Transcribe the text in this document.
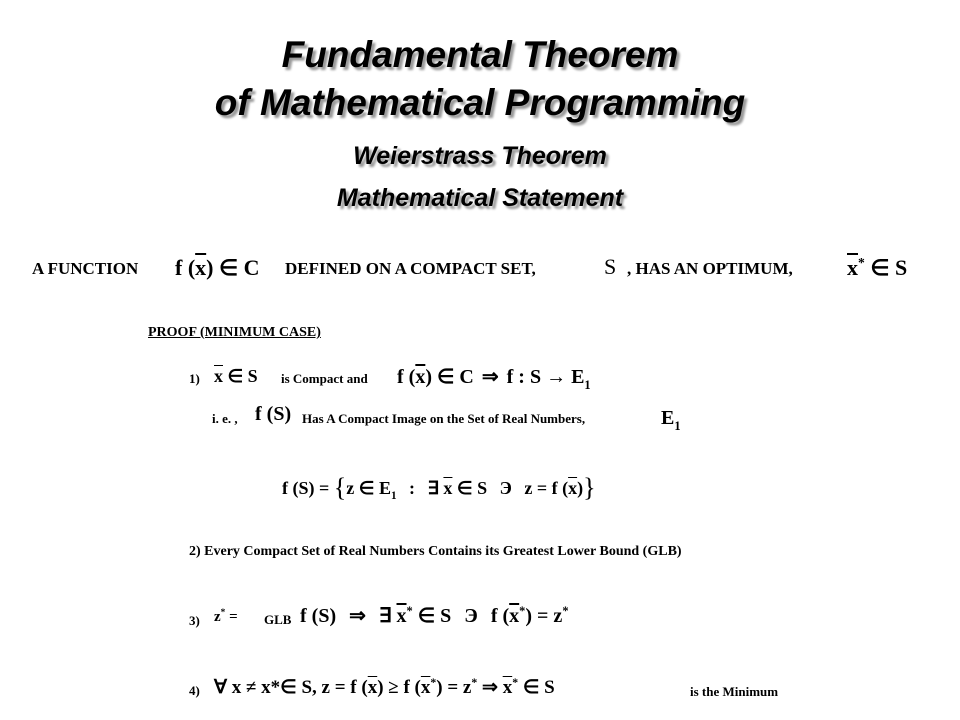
Fundamental Theorem
of Mathematical Programming
Weierstrass Theorem
Mathematical Statement
A FUNCTION f $(\overline{x})$ ∈ C DEFINED ON A COMPACT SET,	S , HAS AN OPTIMUM, $\overline{x}^*$ ∈ S
PROOF (MINIMUM CASE)
1) $\overline{x}$ ∈ S is Compact and f $(\overline{x})$ ∈ C ⇒ f : $S \to E_1$
i. e. , f (S) Has A Compact Image on the Set of Real Numbers,	$E_1$
f (S) = {z ∈ $E_1$ : ∃ $\overline{x}$ ∈ S Э z = f $(\overline{x})$}
2) Every Compact Set of Real Numbers Contains its Greatest Lower Bound (GLB)
3) z* = GLB f (S) ⇒ ∃ $\overline{x}^*$ ∈ S Э f $(\overline{x}^*) = z^*$
4) ∀ x ≠ x*∈ S, z = f $(\overline{x}) \ge f$ $(\overline{x}^*) = z^*$ ⇒ $\overline{x}^*$ ∈ S	is the Minimum
